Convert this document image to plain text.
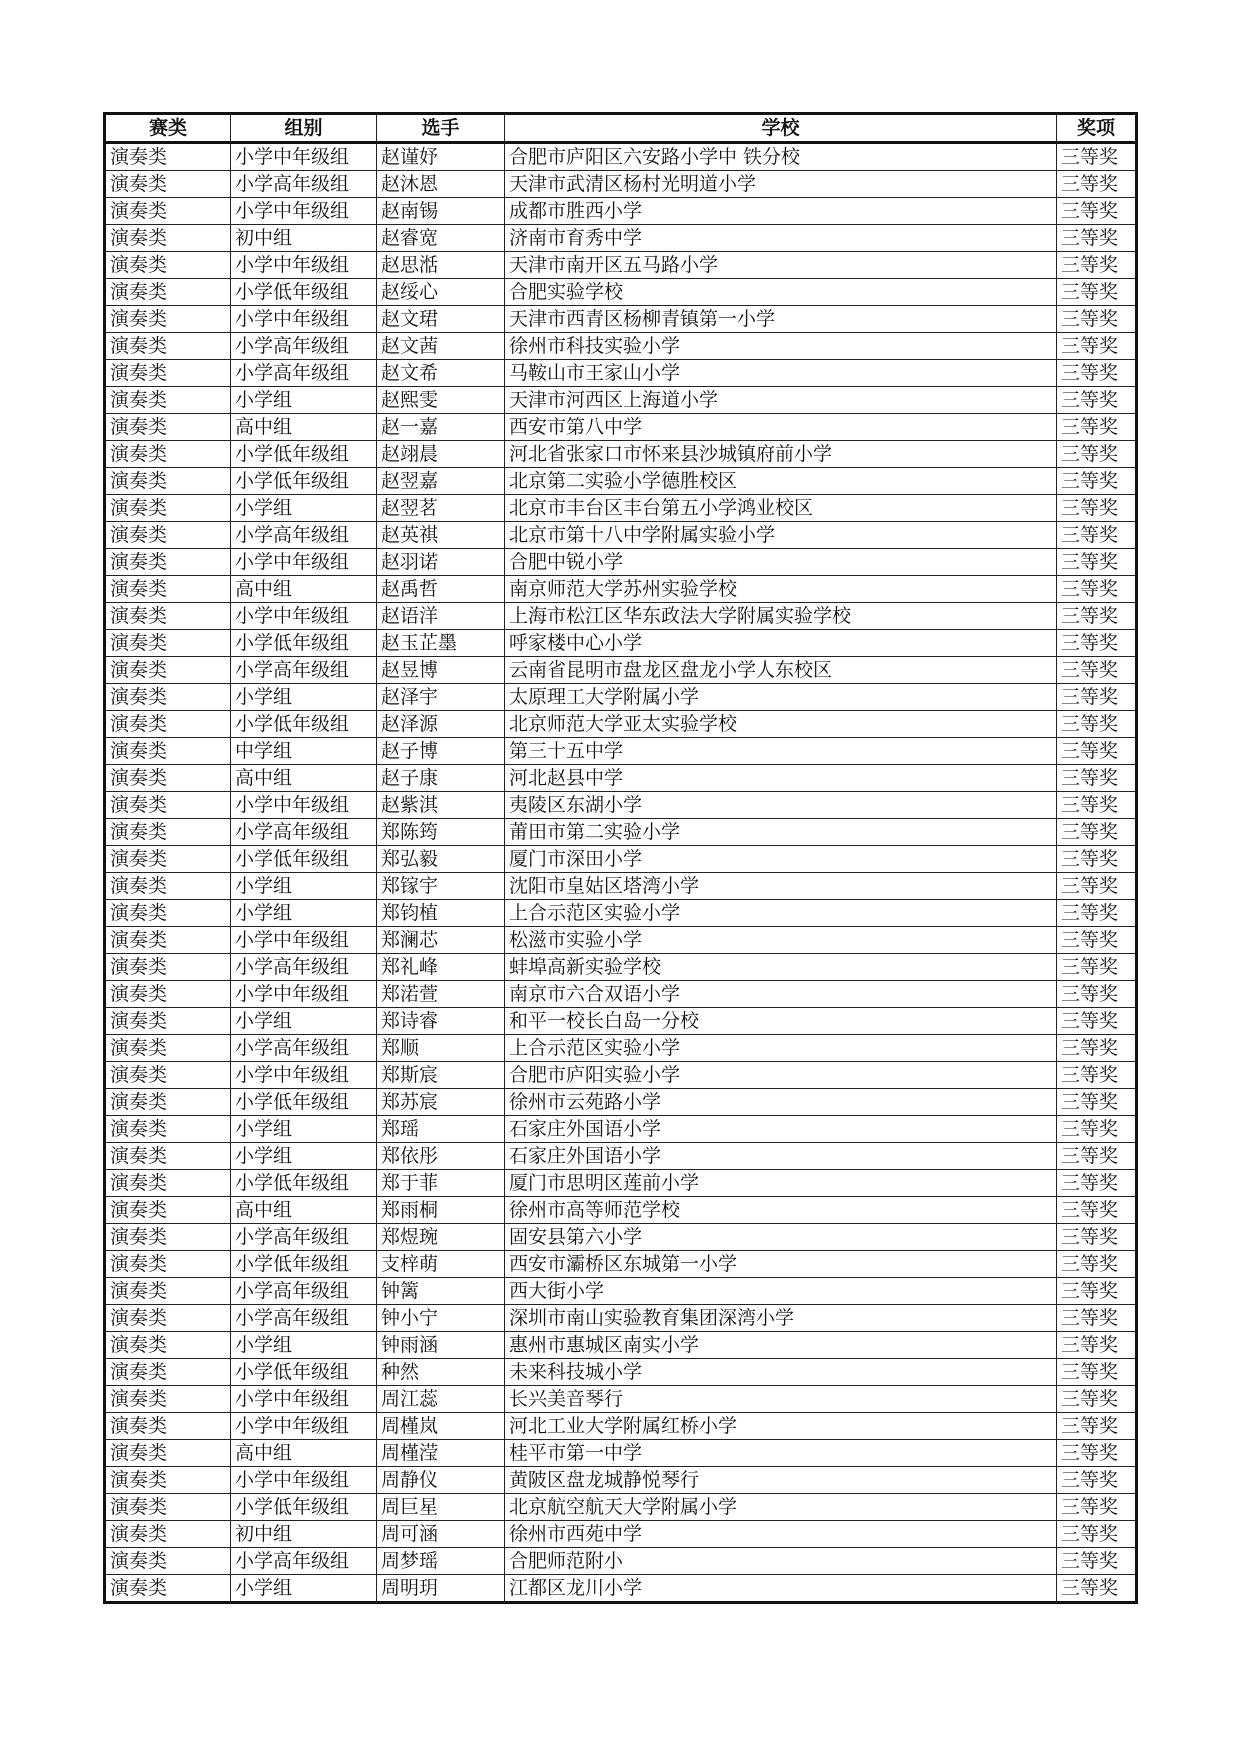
赛类	组别	选手	学校	奖项
演奏类	小学中年级组	赵谨妤	合肥市庐阳区六安路小学中 铁分校	三等奖
演奏类	小学高年级组	赵沐恩	天津市武清区杨村光明道小学	三等奖
演奏类	小学中年级组	赵南锡	成都市胜西小学	三等奖
演奏类	初中组	赵睿宽	济南市育秀中学	三等奖
演奏类	小学中年级组	赵思湉	天津市南开区五马路小学	三等奖
演奏类	小学低年级组	赵绥心	合肥实验学校	三等奖
演奏类	小学中年级组	赵文珺	天津市西青区杨柳青镇第一小学	三等奖
演奏类	小学高年级组	赵文茜	徐州市科技实验小学	三等奖
演奏类	小学高年级组	赵文希	马鞍山市王家山小学	三等奖
演奏类	小学组	赵熙雯	天津市河西区上海道小学	三等奖
演奏类	高中组	赵一嘉	西安市第八中学	三等奖
演奏类	小学低年级组	赵翊晨	河北省张家口市怀来县沙城镇府前小学	三等奖
演奏类	小学低年级组	赵翌嘉	北京第二实验小学德胜校区	三等奖
演奏类	小学组	赵翌茗	北京市丰台区丰台第五小学鸿业校区	三等奖
演奏类	小学高年级组	赵英祺	北京市第十八中学附属实验小学	三等奖
演奏类	小学中年级组	赵羽诺	合肥中锐小学	三等奖
演奏类	高中组	赵禹哲	南京师范大学苏州实验学校	三等奖
演奏类	小学中年级组	赵语洋	上海市松江区华东政法大学附属实验学校	三等奖
演奏类	小学低年级组	赵玉芷墨	呼家楼中心小学	三等奖
演奏类	小学高年级组	赵昱博	云南省昆明市盘龙区盘龙小学人东校区	三等奖
演奏类	小学组	赵泽宇	太原理工大学附属小学	三等奖
演奏类	小学低年级组	赵泽源	北京师范大学亚太实验学校	三等奖
演奏类	中学组	赵子博	第三十五中学	三等奖
演奏类	高中组	赵子康	河北赵县中学	三等奖
演奏类	小学中年级组	赵紫淇	夷陵区东湖小学	三等奖
演奏类	小学高年级组	郑陈筠	莆田市第二实验小学	三等奖
演奏类	小学低年级组	郑弘毅	厦门市深田小学	三等奖
演奏类	小学组	郑镓宇	沈阳市皇姑区塔湾小学	三等奖
演奏类	小学组	郑钧植	上合示范区实验小学	三等奖
演奏类	小学中年级组	郑澜芯	松滋市实验小学	三等奖
演奏类	小学高年级组	郑礼峰	蚌埠高新实验学校	三等奖
演奏类	小学中年级组	郑渃萱	南京市六合双语小学	三等奖
演奏类	小学组	郑诗睿	和平一校长白岛一分校	三等奖
演奏类	小学高年级组	郑顺	上合示范区实验小学	三等奖
演奏类	小学中年级组	郑斯宸	合肥市庐阳实验小学	三等奖
演奏类	小学低年级组	郑苏宸	徐州市云苑路小学	三等奖
演奏类	小学组	郑瑶	石家庄外国语小学	三等奖
演奏类	小学组	郑依彤	石家庄外国语小学	三等奖
演奏类	小学低年级组	郑于菲	厦门市思明区莲前小学	三等奖
演奏类	高中组	郑雨桐	徐州市高等师范学校	三等奖
演奏类	小学高年级组	郑煜琬	固安县第六小学	三等奖
演奏类	小学低年级组	支梓萌	西安市灞桥区东城第一小学	三等奖
演奏类	小学高年级组	钟篱	西大街小学	三等奖
演奏类	小学高年级组	钟小宁	深圳市南山实验教育集团深湾小学	三等奖
演奏类	小学组	钟雨涵	惠州市惠城区南实小学	三等奖
演奏类	小学低年级组	种然	未来科技城小学	三等奖
演奏类	小学中年级组	周江蕊	长兴美音琴行	三等奖
演奏类	小学中年级组	周槿岚	河北工业大学附属红桥小学	三等奖
演奏类	高中组	周槿滢	桂平市第一中学	三等奖
演奏类	小学中年级组	周静仪	黄陂区盘龙城静悦琴行	三等奖
演奏类	小学低年级组	周巨星	北京航空航天大学附属小学	三等奖
演奏类	初中组	周可涵	徐州市西苑中学	三等奖
演奏类	小学高年级组	周梦瑶	合肥师范附小	三等奖
演奏类	小学组	周明玥	江都区龙川小学	三等奖
